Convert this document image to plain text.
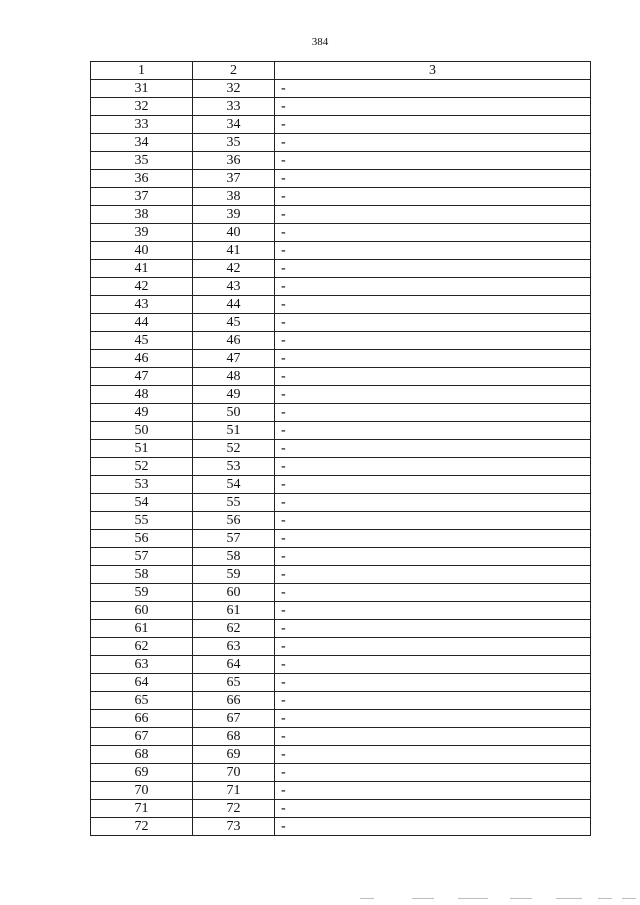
384
1	2	3
31	32	-
32	33	-
33	34	-
34	35	-
35	36	-
36	37	-
37	38	-
38	39	-
39	40	-
40	41	-
41	42	-
42	43	-
43	44	-
44	45	-
45	46	-
46	47	-
47	48	-
48	49	-
49	50	-
50	51	-
51	52	-
52	53	-
53	54	-
54	55	-
55	56	-
56	57	-
57	58	-
58	59	-
59	60	-
60	61	-
61	62	-
62	63	-
63	64	-
64	65	-
65	66	-
66	67	-
67	68	-
68	69	-
69	70	-
70	71	-
71	72	-
72	73	-
